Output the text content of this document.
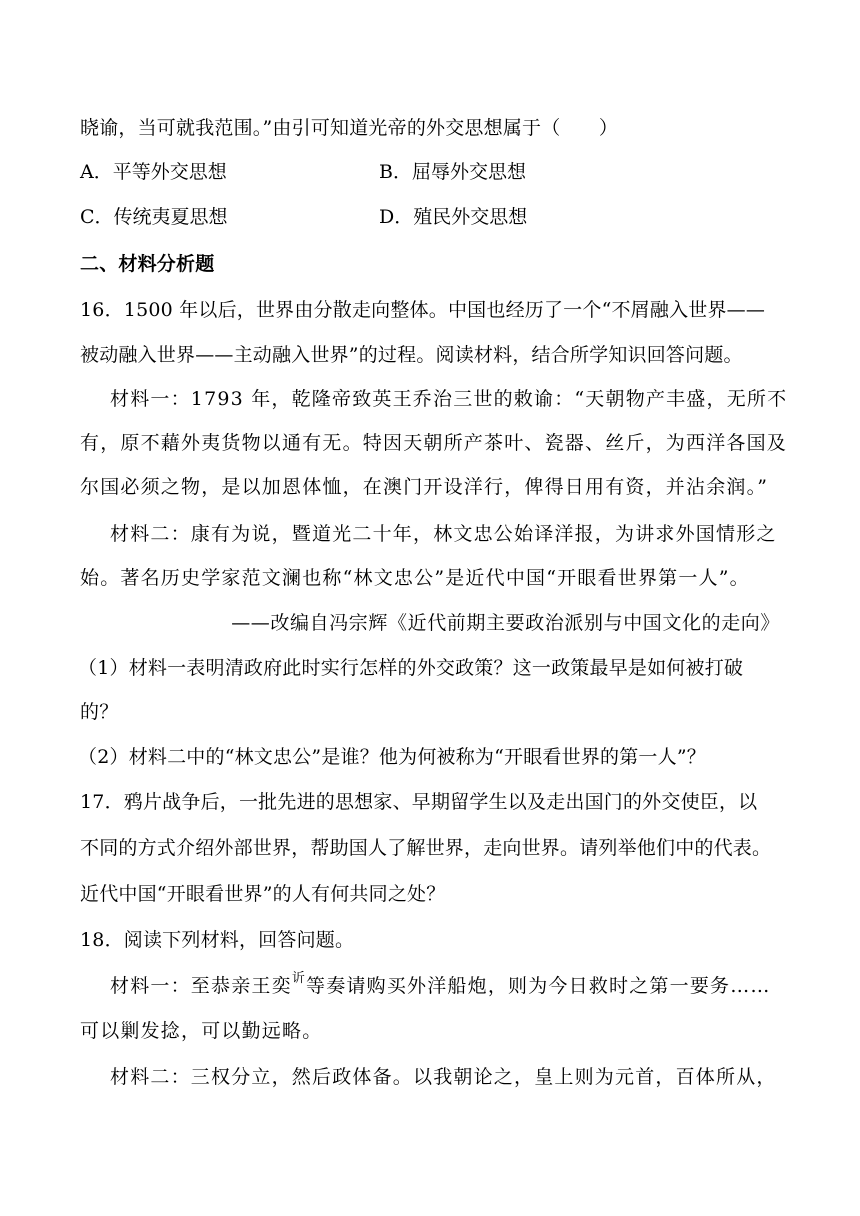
晓谕，当可就我范围。”由引可知道光帝的外交思想属于（　　）
A．平等外交思想	B．屈辱外交思想
C．传统夷夏思想	D．殖民外交思想
二、材料分析题
16．1500 年以后，世界由分散走向整体。中国也经历了一个“不屑融入世界——
被动融入世界——主动融入世界”的过程。阅读材料，结合所学知识回答问题。
材料一：1793 年，乾隆帝致英王乔治三世的敕谕：“天朝物产丰盛，无所不
有，原不藉外夷货物以通有无。特因天朝所产茶叶、瓷器、丝斤，为西洋各国及
尔国必须之物，是以加恩体恤，在澳门开设洋行，俾得日用有资，并沾余润。”
材料二：康有为说，暨道光二十年，林文忠公始译洋报，为讲求外国情形之
始。著名历史学家范文澜也称“林文忠公”是近代中国“开眼看世界第一人”。
——改编自冯宗辉《近代前期主要政治派别与中国文化的走向》
（1）材料一表明清政府此时实行怎样的外交政策？这一政策最早是如何被打破
的？
（2）材料二中的“林文忠公”是谁？他为何被称为“开眼看世界的第一人”？
17．鸦片战争后，一批先进的思想家、早期留学生以及走出国门的外交使臣，以
不同的方式介绍外部世界，帮助国人了解世界，走向世界。请列举他们中的代表。
近代中国“开眼看世界”的人有何共同之处？
18．阅读下列材料，回答问题。
材料一：至恭亲王奕$^䜣$等奏请购买外洋船炮，则为今日救时之第一要务……
可以剿发捻，可以勤远略。
材料二：三权分立，然后政体备。以我朝论之，皇上则为元首，百体所从，
